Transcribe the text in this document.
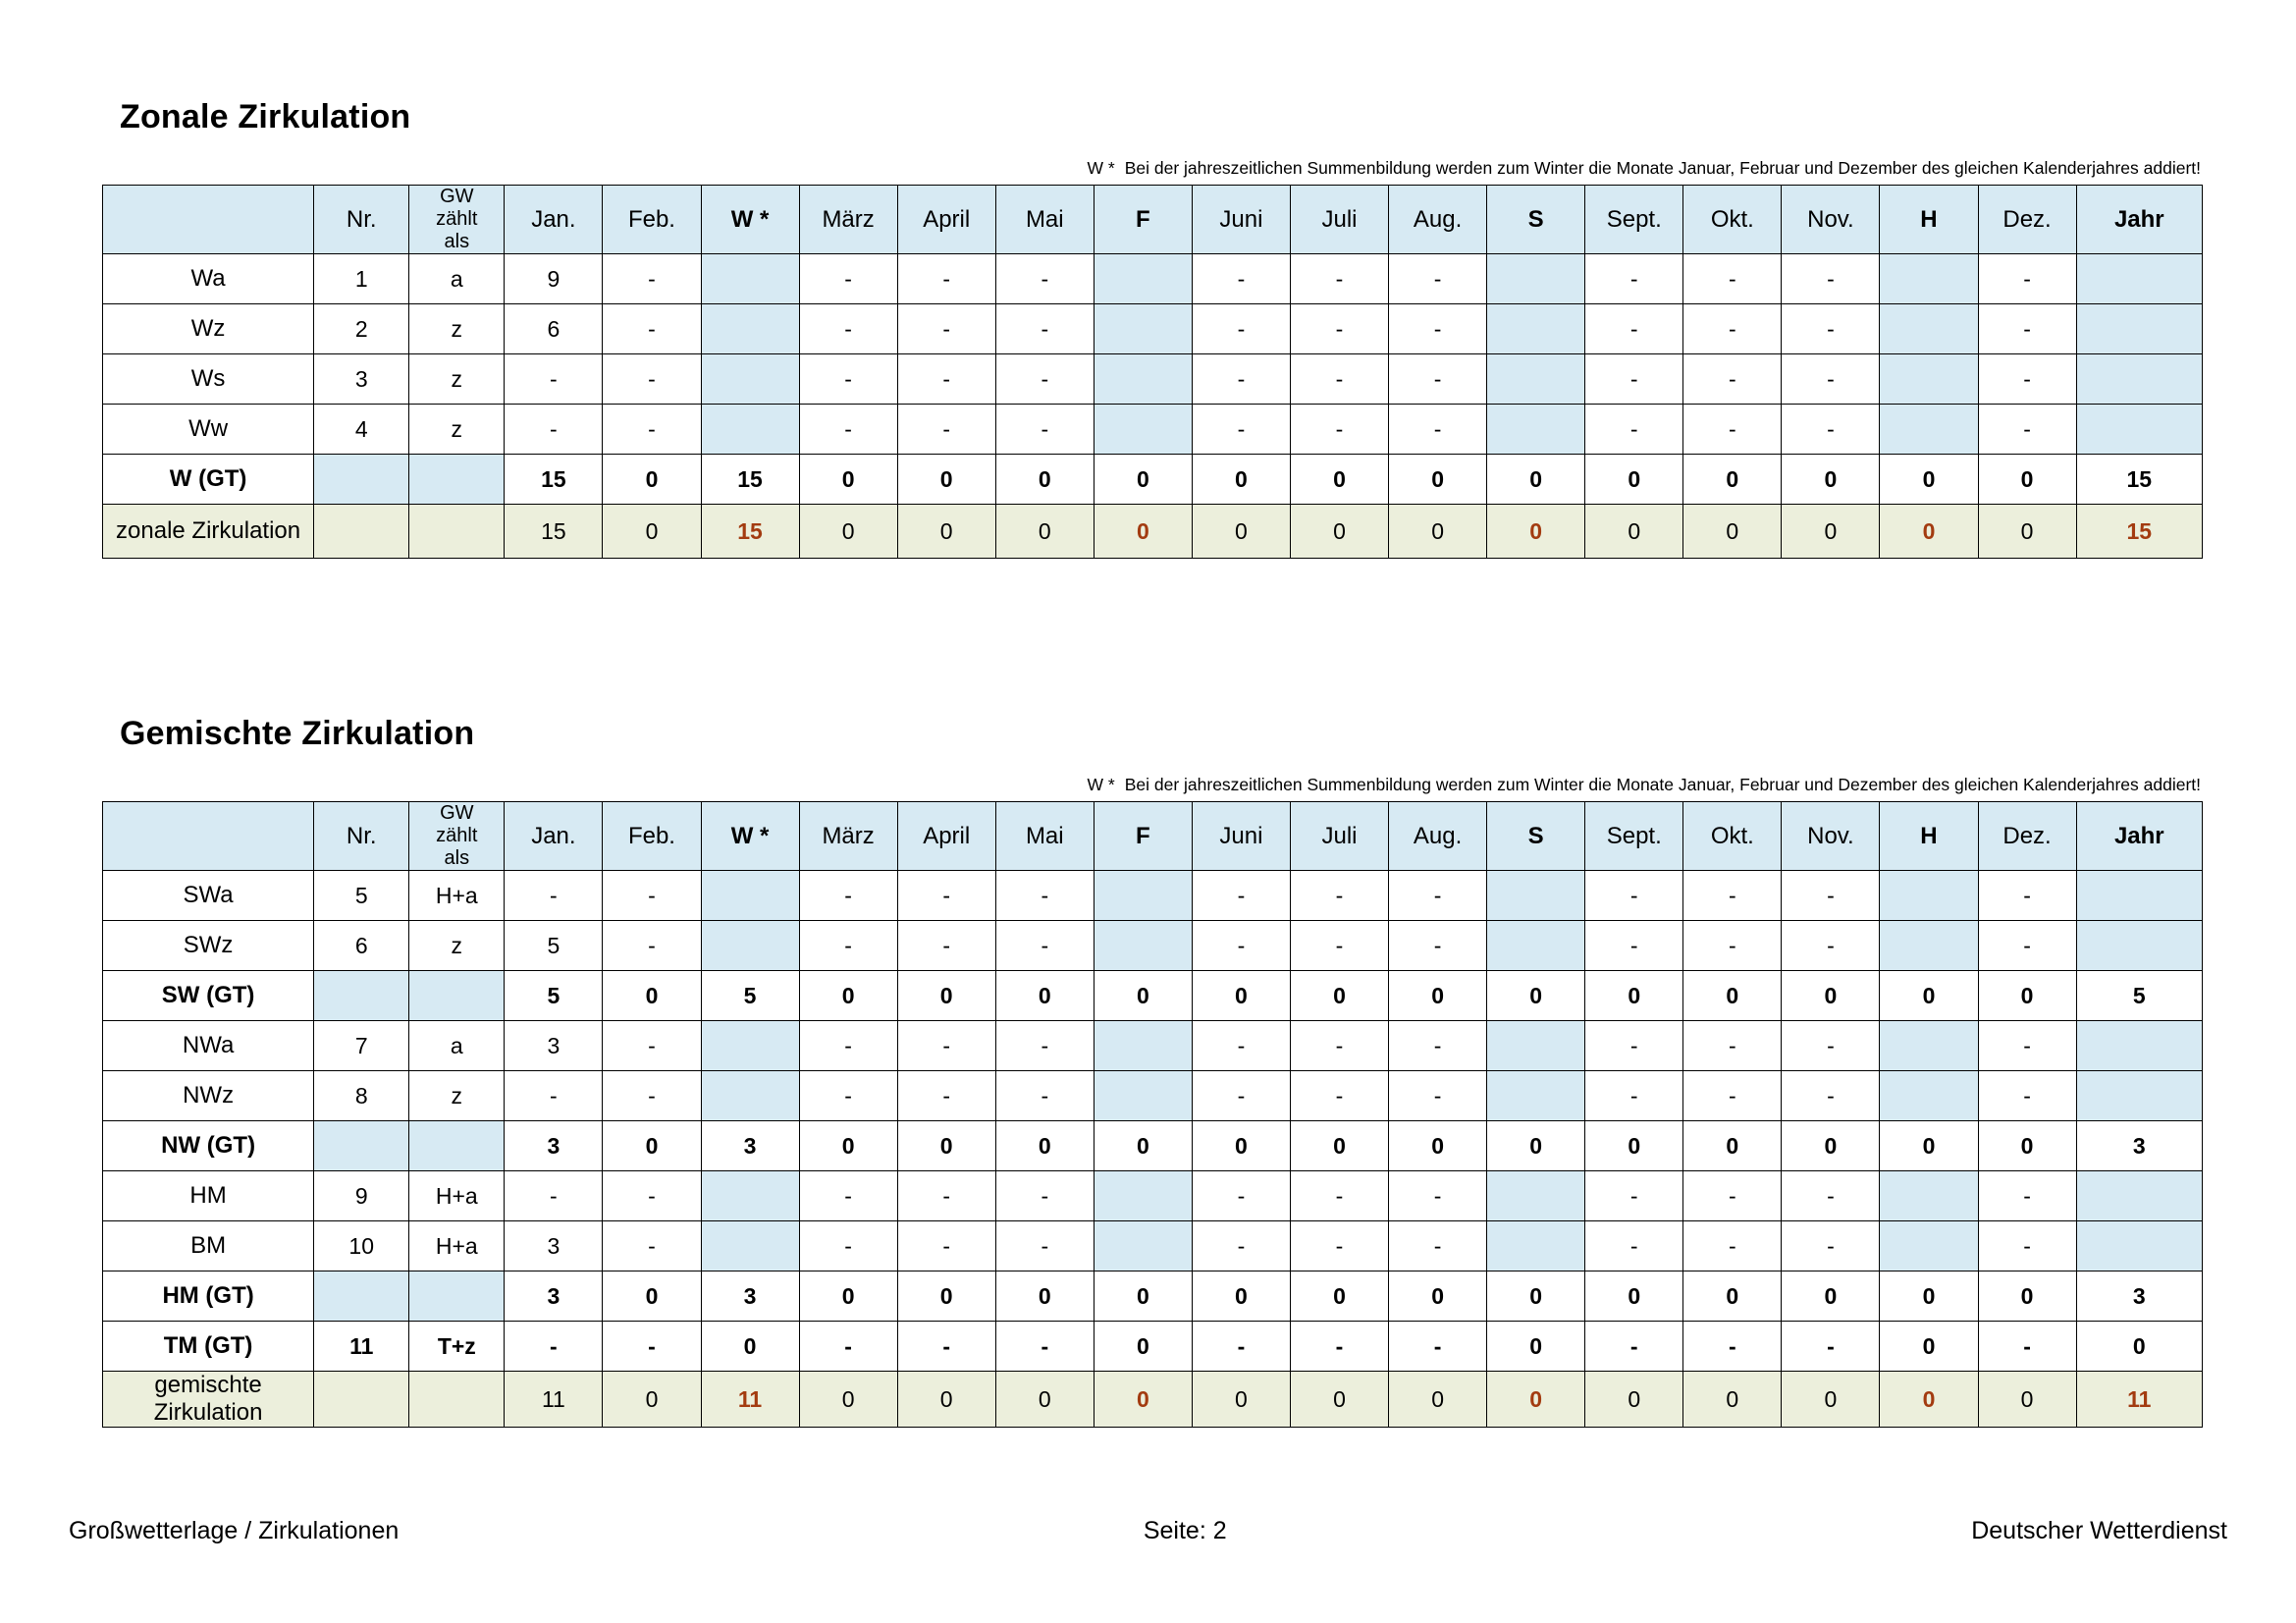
Zonale Zirkulation

W * Bei der jahreszeitlichen Summenbildung werden zum Winter die Monate Januar, Februar und Dezember des gleichen Kalenderjahres addiert!

	Nr.	GW
zählt
als	Jan.	Feb.	W *	März	April	Mai	F	Juni	Juli	Aug.	S	Sept.	Okt.	Nov.	H	Dez.	Jahr
Wa	1	a	9	-		-	-	-		-	-	-		-	-	-		-	
Wz	2	z	6	-		-	-	-		-	-	-		-	-	-		-	
Ws	3	z	-	-		-	-	-		-	-	-		-	-	-		-	
Ww	4	z	-	-		-	-	-		-	-	-		-	-	-		-	
W (GT)			15	0	15	0	0	0	0	0	0	0	0	0	0	0	0	0	15
zonale Zirkulation			15	0	15	0	0	0	0	0	0	0	0	0	0	0	0	0	15
Gemischte Zirkulation

W * Bei der jahreszeitlichen Summenbildung werden zum Winter die Monate Januar, Februar und Dezember des gleichen Kalenderjahres addiert!

	Nr.	GW
zählt
als	Jan.	Feb.	W *	März	April	Mai	F	Juni	Juli	Aug.	S	Sept.	Okt.	Nov.	H	Dez.	Jahr
SWa	5	H+a	-	-		-	-	-		-	-	-		-	-	-		-	
SWz	6	z	5	-		-	-	-		-	-	-		-	-	-		-	
SW (GT)			5	0	5	0	0	0	0	0	0	0	0	0	0	0	0	0	5
NWa	7	a	3	-		-	-	-		-	-	-		-	-	-		-	
NWz	8	z	-	-		-	-	-		-	-	-		-	-	-		-	
NW (GT)			3	0	3	0	0	0	0	0	0	0	0	0	0	0	0	0	3
HM	9	H+a	-	-		-	-	-		-	-	-		-	-	-		-	
BM	10	H+a	3	-		-	-	-		-	-	-		-	-	-		-	
HM (GT)			3	0	3	0	0	0	0	0	0	0	0	0	0	0	0	0	3
TM (GT)	11	T+z	-	-	0	-	-	-	0	-	-	-	0	-	-	-	0	-	0
gemischte Zirkulation			11	0	11	0	0	0	0	0	0	0	0	0	0	0	0	0	11
Großwetterlage / Zirkulationen	Seite: 2	Deutscher Wetterdienst
